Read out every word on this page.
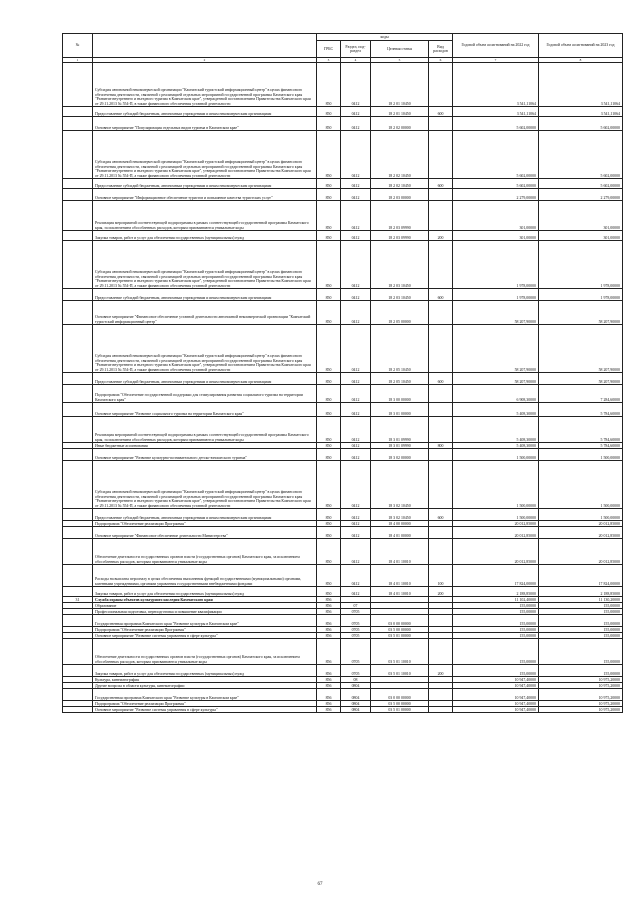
№		коды				Годовой объем ассигнований на 2022 год	Годовой объем ассигнований на 2023 год
		ГРБС	Раздел, под-раздел	Целевая статья	Вид расходов		
1	2	3	4	5	6	7	8
	Субсидия автономной некоммерческой организации "Камчатский туристский информационный центр" в целях финансового обеспечения деятельности, связанной с реализацией отдельных мероприятий государственной программы Камчатского края "Развитие внутреннего и въездного туризма в Камчатском крае", утвержденной постановлением Правительства Камчатского края от 29.11.2013 № 554-П, в также финансового обеспечения уставной деятельности	850	0412	18 2 01 10450		3 541,11064	3 541,11064
	Предоставление субсидий бюджетным, автономным учреждениям и иным некоммерческим организациям	850	0412	18 2 01 10450	600	3 541,11064	3 541,11064
	Основное мероприятие "Популяризация отдельных видов туризма в Камчатском крае"	850	0412	18 2 02 00000		5 602,00000	5 602,00000
	Субсидия автономной некоммерческой организации "Камчатский туристский информационный центр" в целях финансового обеспечения деятельности, связанной с реализацией отдельных мероприятий государственной программы Камчатского края "Развитие внутреннего и въездного туризма в Камчатском крае", утвержденной постановлением Правительства Камчатского края от 29.11.2013 № 554-П, а также финансового обеспечения уставной деятельности	850	0412	18 2 02 10450		5 602,00000	5 602,00000
	Предоставление субсидий бюджетным, автономным учреждениям и иным некоммерческим организациям	850	0412	18 2 02 10450	600	5 602,00000	5 602,00000
	Основное мероприятие "Информационное обеспечение туристов и повышение качества туристских услуг"	850	0412	18 2 03 00000		2 279,00000	2 279,00000
	Реализация мероприятий соответствующей подпрограммы в рамках соответствующей государственной программы Камчатского края, за исключением обособленных расходов, которым присваиваются уникальные коды	850	0412	18 2 03 09990		301,00000	301,00000
	Закупка товаров, работ и услуг для обеспечения государственных (муниципальных) нужд	850	0412	18 2 03 09990	200	301,00000	301,00000
	Субсидия автономной некоммерческой организации "Камчатский туристский информационный центр" в целях финансового обеспечения деятельности, связанной с реализацией отдельных мероприятий государственной программы Камчатского края "Развитие внутреннего и въездного туризма в Камчатском крае", утвержденной постановлением Правительства Камчатского края от 29.11.2013 № 554-П, а также финансового обеспечения уставной деятельности	850	0412	18 2 03 10450		1 978,00000	1 978,00000
	Предоставление субсидий бюджетным, автономным учреждениям и иным некоммерческим организациям	850	0412	18 2 03 10450	600	1 978,00000	1 978,00000
	Основное мероприятие "Финансовое обеспечение уставной деятельности автономной некоммерческой организации "Камчатский туристский информационный центр"	850	0412	18 2 05 00000		58 207,90000	58 207,90000
	Субсидия автономной некоммерческой организации "Камчатский туристский информационный центр" в целях финансового обеспечения деятельности, связанной с реализацией отдельных мероприятий государственной программы Камчатского края "Развитие внутреннего и въездного туризма в Камчатском крае", утвержденной постановлением Правительства Камчатского края от 29.11.2013 № 554-П, а также финансового обеспечения уставной деятельности	850	0412	18 2 05 10450		58 207,90000	58 207,90000
	Предоставление субсидий бюджетным, автономным учреждениям и иным некоммерческим организациям	850	0412	18 2 05 10450	600	58 207,90000	58 207,90000
	Подпрограмма "Обеспечение государственной поддержки для стимулирования развития социального туризма на территории Камчатского края"	850	0412	18 3 00 00000		6 908,30000	7 284,60000
	Основное мероприятие "Развитие социального туризма на территории Камчатского края"	850	0412	18 3 01 00000		5 408,30000	5 784,60000
	Реализация мероприятий соответствующей подпрограммы в рамках соответствующей государственной программы Камчатского края, за исключением обособленных расходов, которым присваиваются уникальные коды	850	0412	18 3 01 09990		5 408,30000	5 784,60000
	Иные бюджетные ассигнования	850	0412	18 3 01 09990	800	5 408,30000	5 784,60000
	Основное мероприятие "Развитие культурно-познавательного детско-юношеского туризма"	850	0412	18 3 02 00000		1 500,00000	1 500,00000
	Субсидия автономной некоммерческой организации "Камчатский туристский информационный центр" в целях финансового обеспечения деятельности, связанной с реализацией отдельных мероприятий государственной программы Камчатского края "Развитие внутреннего и въездного туризма в Камчатском крае", утвержденной постановлением Правительства Камчатского края от 29.11.2013 № 554-П, а также финансового обеспечения уставной деятельности	850	0412	18 3 02 10450		1 500,00000	1 500,00000
	Предоставление субсидий бюджетным, автономным учреждениям и иным некоммерческим организациям	850	0412	18 3 02 10450	600	1 500,00000	1 500,00000
	Подпрограмма "Обеспечение реализации Программы"	850	0412	18 4 00 00000		20 012,85000	20 012,85000
	Основное мероприятие "Финансовое обеспечение деятельности Министерства"	850	0412	18 4 01 00000		20 012,85000	20 012,85000
	Обеспечение деятельности государственных органов власти (государственных органов) Камчатского края, за исключением обособленных расходов, которым присваиваются уникальные коды	850	0412	18 4 01 10010		20 012,85000	20 012,85000
	Расходы на выплаты персоналу в целях обеспечения выполнения функций государственными (муниципальными) органами, казенными учреждениями, органами управления государственными внебюджетными фондами	850	0412	18 4 01 10010	100	17 824,00000	17 824,00000
	Закупка товаров, работ и услуг для обеспечения государственных (муниципальных) нужд	850	0412	18 4 01 10010	200	2 188,85000	2 188,85000
31	Служба охраны объектов культурного наследия Камчатского края	856				11 102,40000	11 130,20000
	Образование	856	07			155,00000	155,00000
	Профессиональная подготовка, переподготовка и повышение квалификации	856	0705			155,00000	155,00000
	Государственная программа Камчатского края "Развитие культуры в Камчатском крае"	856	0705	03 0 00 00000		155,00000	155,00000
	Подпрограмма "Обеспечение реализации Программы"	856	0705	03 5 00 00000		155,00000	155,00000
	Основное мероприятие "Развитие системы управления в сфере культуры"	856	0705	03 5 01 00000		155,00000	155,00000
	Обеспечение деятельности государственных органов власти (государственных органов) Камчатского края, за исключением обособленных расходов, которым присваиваются уникальные коды	856	0705	03 5 01 10010		155,00000	155,00000
	Закупка товаров, работ и услуг для обеспечения государственных (муниципальных) нужд	856	0705	03 5 01 10010	200	155,00000	155,00000
	Культура, кинематография	856	08			10 947,40000	10 975,20000
	Другие вопросы в области культуры, кинематографии	856	0804			10 947,40000	10 975,20000
	Государственная программа Камчатского края "Развитие культуры в Камчатском крае"	856	0804	03 0 00 00000		10 947,40000	10 975,20000
	Подпрограмма "Обеспечение реализации Программы"	856	0804	03 5 00 00000		10 947,40000	10 975,20000
	Основное мероприятие "Развитие системы управления в сфере культуры"	856	0804	03 5 01 00000		10 947,40000	10 975,20000
67
